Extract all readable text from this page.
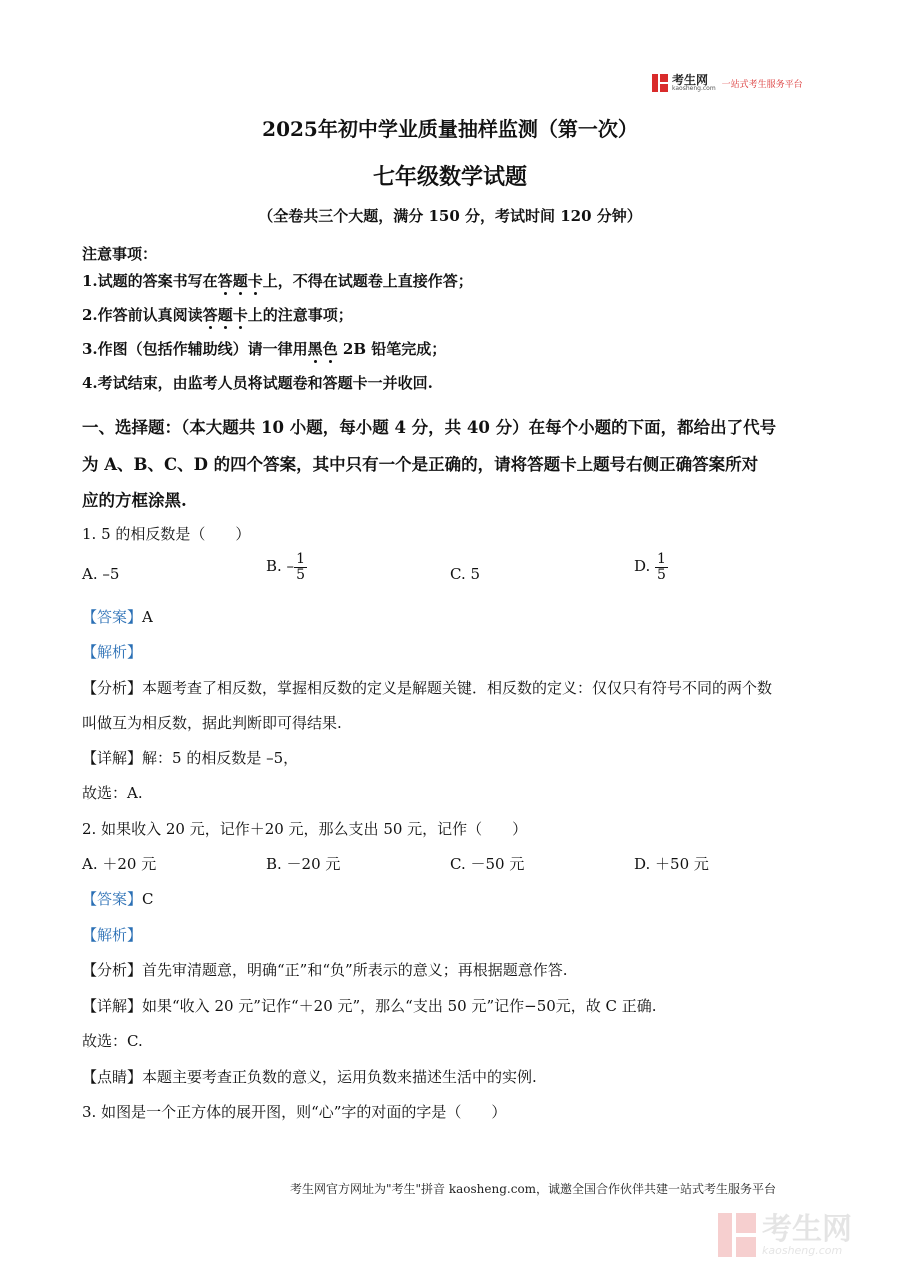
考生网
kaosheng.com 一站式考生服务平台
2025年初中学业质量抽样监测（第一次）
七年级数学试题
（全卷共三个大题，满分 150 分，考试时间 120 分钟）
注意事项：
1.试题的答案书写在答题卡上，不得在试题卷上直接作答；
2.作答前认真阅读答题卡上的注意事项；
3.作图（包括作辅助线）请一律用黑色 2B 铅笔完成；
4.考试结束，由监考人员将试题卷和答题卡一并收回.
一、选择题：（本大题共 10 小题，每小题 4 分，共 40 分）在每个小题的下面，都给出了代号
为 A、B、C、D 的四个答案，其中只有一个是正确的，请将答题卡上题号右侧正确答案所对
应的方框涂黑.
1. 5 的相反数是（　　）
A. –5	B. – $\frac{1}{5}$	C. 5	D. $\frac{1}{5}$
【答案】A
【解析】
【分析】本题考查了相反数，掌握相反数的定义是解题关键．相反数的定义：仅仅只有符号不同的两个数
叫做互为相反数，据此判断即可得结果.
【详解】解：5 的相反数是 –5，
故选：A.
2. 如果收入 20 元，记作＋20 元，那么支出 50 元，记作（　　）
A. ＋20 元	B. －20 元	C. －50 元	D. ＋50 元
【答案】C
【解析】
【分析】首先审清题意，明确“正”和“负”所表示的意义；再根据题意作答.
【详解】如果“收入 20 元”记作“＋20 元”，那么“支出 50 元”记作−50元，故 C 正确.
故选：C.
【点睛】本题主要考查正负数的意义，运用负数来描述生活中的实例.
3. 如图是一个正方体的展开图，则“心”字的对面的字是（　　）
考生网官方网址为"考生"拼音 kaosheng.com，诚邀全国合作伙伴共建一站式考生服务平台
考生网
kaosheng.com
